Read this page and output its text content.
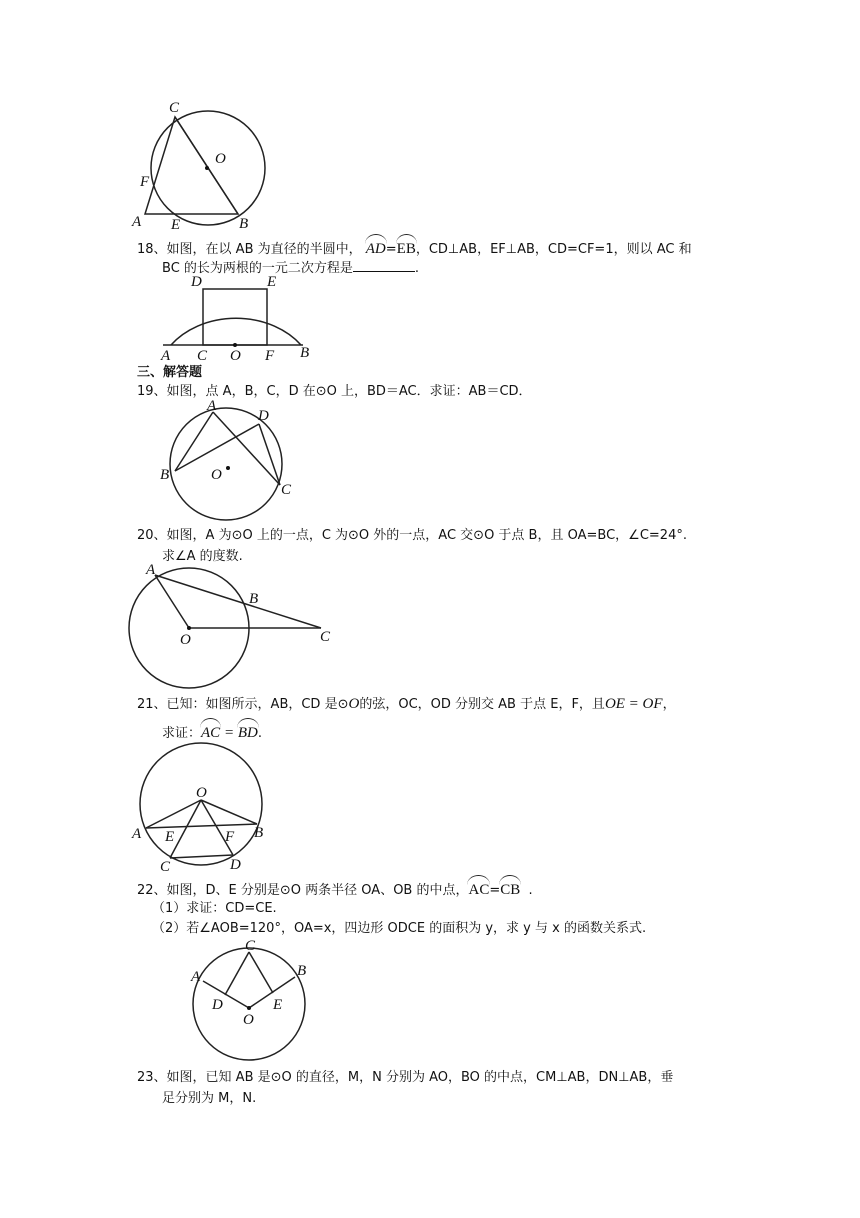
C
O
F
A E	B
18、如图，在以 AB 为直径的半圆中， AD=EB，CD⊥AB，EF⊥AB，CD=CF=1，则以 AC 和
BC 的长为两根的一元二次方程是	.
D	E
A C O F B
三、解答题
19、如图，点 A，B，C，D 在⊙O 上，BD＝AC．求证：AB＝CD．
A
D
B	O
C
20、如图，A 为⊙O 上的一点，C 为⊙O 外的一点，AC 交⊙O 于点 B，且 OA=BC，∠C=24°.
求∠A 的度数.
A
B
O	C
21、已知：如图所示，AB，CD 是⊙O的弦，OC，OD 分别交 AB 于点 E，F，且OE = OF，
求证：AC = BD.
O
A E	F B
C	D
22、如图，D、E 分别是⊙O 两条半径 OA、OB 的中点，AC=CB .
（1）求证：CD=CE.
（2）若∠AOB=120°，OA=x，四边形 ODCE 的面积为 y，求 y 与 x 的函数关系式.
C
A	B
D	E
O
23、如图，已知 AB 是⊙O 的直径，M，N 分别为 AO，BO 的中点，CM⊥AB，DN⊥AB，垂
足分别为 M，N.
